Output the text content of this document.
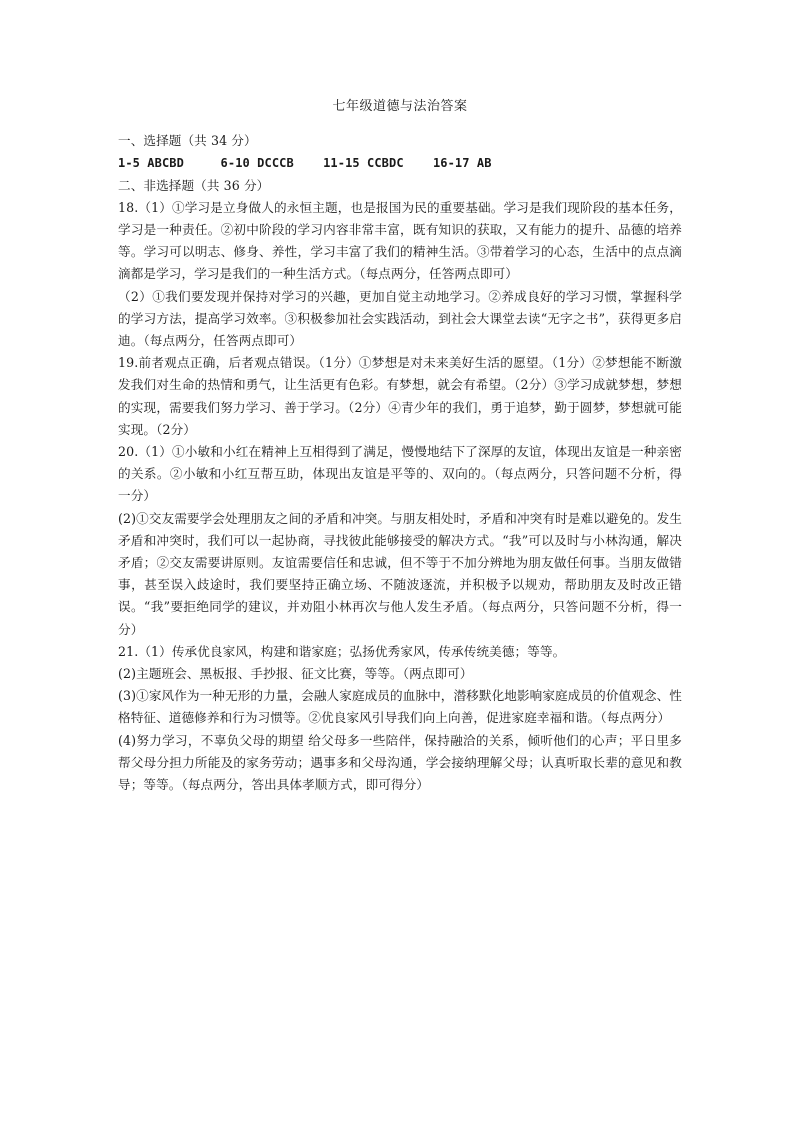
七年级道德与法治答案

一、选择题（共 34 分）

1-5 ABCBD     6-10 DCCCB    11-15 CCBDC    16-17 AB

二、非选择题（共 36 分）

18.（1）①学习是立身做人的永恒主题，也是报国为民的重要基础。学习是我们现阶段的基本任务，学习是一种责任。②初中阶段的学习内容非常丰富，既有知识的获取，又有能力的提升、品德的培养等。学习可以明志、修身、养性，学习丰富了我们的精神生活。③带着学习的心态，生活中的点点滴滴都是学习，学习是我们的一种生活方式。（每点两分，任答两点即可）

（2）①我们要发现并保持对学习的兴趣，更加自觉主动地学习。②养成良好的学习习惯，掌握科学的学习方法，提高学习效率。③积极参加社会实践活动，到社会大课堂去读“无字之书”，获得更多启迪。（每点两分，任答两点即可）

19.前者观点正确，后者观点错误。（1分）①梦想是对未来美好生活的愿望。（1分）②梦想能不断激发我们对生命的热情和勇气，让生活更有色彩。有梦想，就会有希望。（2分）③学习成就梦想，梦想的实现，需要我们努力学习、善于学习。（2分）④青少年的我们，勇于追梦，勤于圆梦，梦想就可能实现。（2分）

20.（1）①小敏和小红在精神上互相得到了满足，慢慢地结下了深厚的友谊，体现出友谊是一种亲密的关系。②小敏和小红互帮互助，体现出友谊是平等的、双向的。（每点两分，只答问题不分析，得一分）

(2)①交友需要学会处理朋友之间的矛盾和冲突。与朋友相处时，矛盾和冲突有时是难以避免的。发生矛盾和冲突时，我们可以一起协商，寻找彼此能够接受的解决方式。“我”可以及时与小林沟通，解决矛盾；②交友需要讲原则。友谊需要信任和忠诚，但不等于不加分辨地为朋友做任何事。当朋友做错事，甚至误入歧途时，我们要坚持正确立场、不随波逐流，并积极予以规劝，帮助朋友及时改正错误。“我”要拒绝同学的建议，并劝阻小林再次与他人发生矛盾。（每点两分，只答问题不分析，得一分）

21.（1）传承优良家风，构建和谐家庭；弘扬优秀家风，传承传统美德；等等。

(2)主题班会、黑板报、手抄报、征文比赛，等等。（两点即可）

(3)①家风作为一种无形的力量，会融人家庭成员的血脉中，潜移默化地影响家庭成员的价值观念、性格特征、道德修养和行为习惯等。②优良家风引导我们向上向善，促进家庭幸福和谐。（每点两分）

(4)努力学习，不辜负父母的期望 给父母多一些陪伴，保持融洽的关系，倾听他们的心声；平日里多帮父母分担力所能及的家务劳动；遇事多和父母沟通，学会接纳理解父母；认真听取长辈的意见和教导；等等。（每点两分，答出具体孝顺方式，即可得分）
